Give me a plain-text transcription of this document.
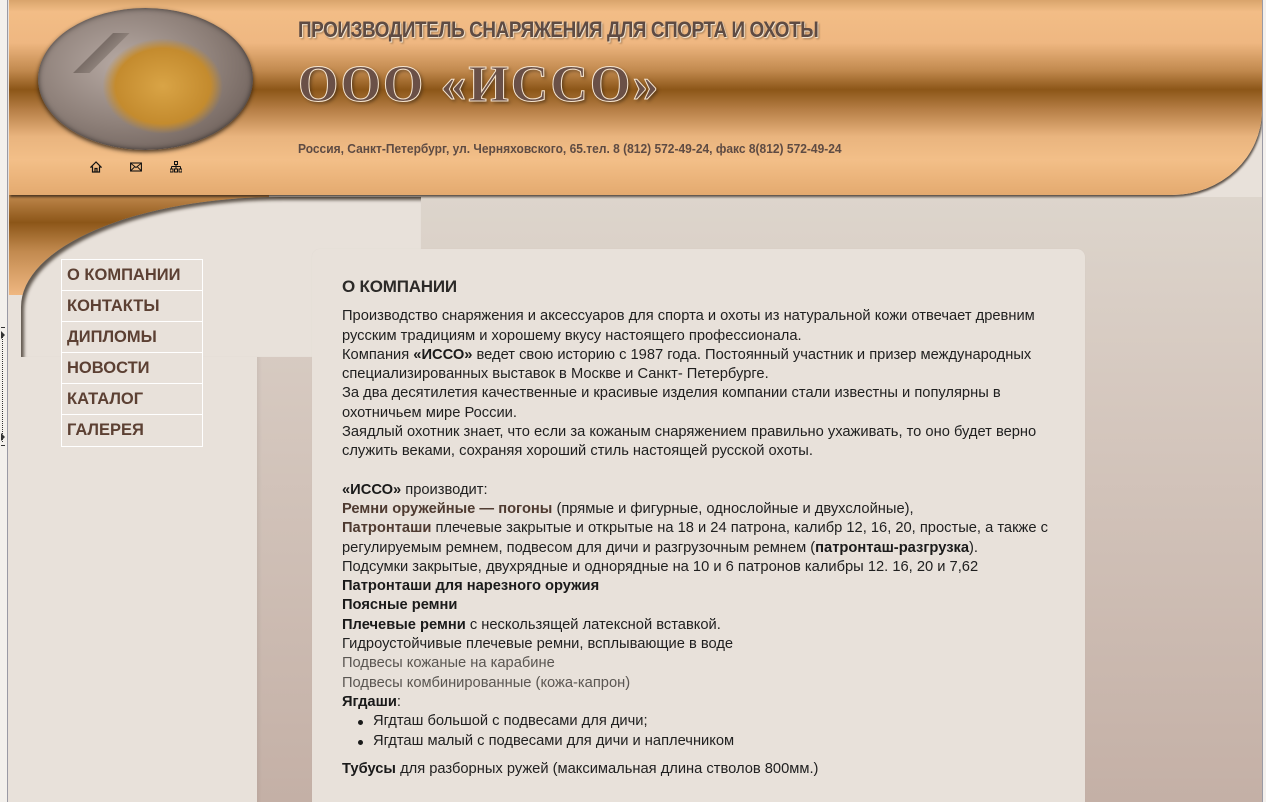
ПРОИЗВОДИТЕЛЬ СНАРЯЖЕНИЯ ДЛЯ СПОРТА И ОХОТЫ
ООО «ИССО»
Россия, Санкт-Петербург, ул. Черняховского, 65.тел. 8 (812) 572-49-24, факс 8(812) 572-49-24
О КОМПАНИИ
КОНТАКТЫ
ДИПЛОМЫ
НОВОСТИ
КАТАЛОГ
ГАЛЕРЕЯ
О КОМПАНИИ
Производство снаряжения и аксессуаров для спорта и охоты из натуральной кожи отвечает древним русским традициям и хорошему вкусу настоящего профессионала.
Компания «ИССО» ведет свою историю с 1987 года. Постоянный участник и призер международных специализированных выставок в Москве и Санкт- Петербурге.
За два десятилетия качественные и красивые изделия компании стали известны и популярны в охотничьем мире России.
Заядлый охотник знает, что если за кожаным снаряжением правильно ухаживать, то оно будет верно служить веками, сохраняя хороший стиль настоящей русской охоты.
«ИССО» производит:
Ремни оружейные — погоны (прямые и фигурные, однослойные и двухслойные),
Патронташи плечевые закрытые и открытые на 18 и 24 патрона, калибр 12, 16, 20, простые, а также с регулируемым ремнем, подвесом для дичи и разгрузочным ремнем (патронташ-разгрузка).
Подсумки закрытые, двухрядные и однорядные на 10 и 6 патронов калибры 12. 16, 20 и 7,62
Патронташи для нарезного оружия
Поясные ремни
Плечевые ремни с нескользящей латексной вставкой.
Гидроустойчивые плечевые ремни, всплывающие в воде
Подвесы кожаные на карабине
Подвесы комбинированные (кожа-капрон)
Ягдаши:
Ягдташ большой с подвесами для дичи;
Ягдташ малый с подвесами для дичи и наплечником
Тубусы для разборных ружей (максимальная длина стволов 800мм.)
